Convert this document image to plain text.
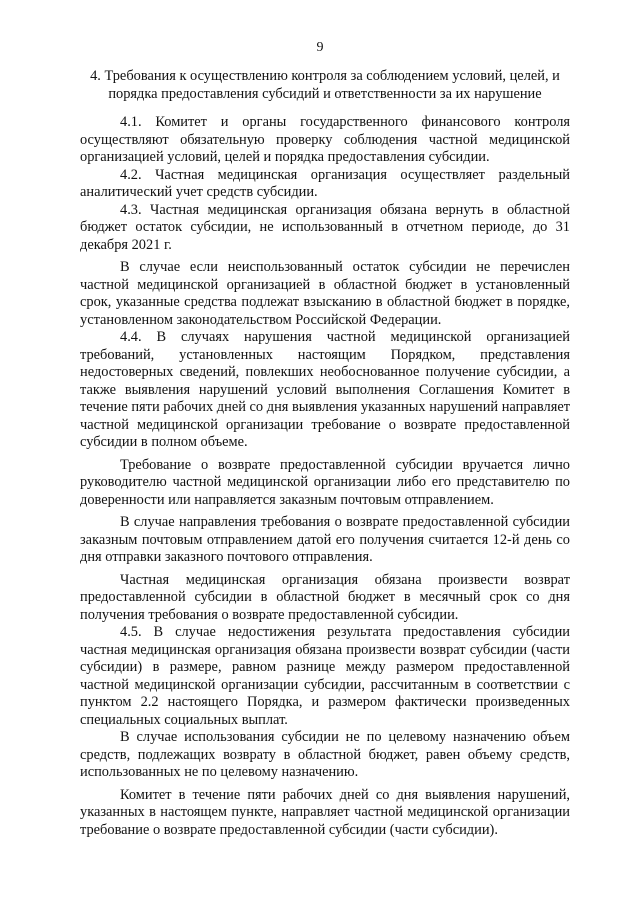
9

4. Требования к осуществлению контроля за соблюдением условий, целей, и порядка предоставления субсидий и ответственности за их нарушение

4.1. Комитет и органы государственного финансового контроля осуществляют обязательную проверку соблюдения частной медицинской организацией условий, целей и порядка предоставления субсидии.

4.2. Частная медицинская организация осуществляет раздельный аналитический учет средств субсидии.

4.3. Частная медицинская организация обязана вернуть в областной бюджет остаток субсидии, не использованный в отчетном периоде, до 31 декабря 2021 г.

В случае если неиспользованный остаток субсидии не перечислен частной медицинской организацией в областной бюджет в установленный срок, указанные средства подлежат взысканию в областной бюджет в порядке, установленном законодательством Российской Федерации.

4.4. В случаях нарушения частной медицинской организацией требований, установленных настоящим Порядком, представления недостоверных сведений, повлекших необоснованное получение субсидии, а также выявления нарушений условий выполнения Соглашения Комитет в течение пяти рабочих дней со дня выявления указанных нарушений направляет частной медицинской организации требование о возврате предоставленной субсидии в полном объеме.

Требование о возврате предоставленной субсидии вручается лично руководителю частной медицинской организации либо его представителю по доверенности или направляется заказным почтовым отправлением.

В случае направления требования о возврате предоставленной субсидии заказным почтовым отправлением датой его получения считается 12-й день со дня отправки заказного почтового отправления.

Частная медицинская организация обязана произвести возврат предоставленной субсидии в областной бюджет в месячный срок со дня получения требования о возврате предоставленной субсидии.

4.5. В случае недостижения результата предоставления субсидии частная медицинская организация обязана произвести возврат субсидии (части субсидии) в размере, равном разнице между размером предоставленной частной медицинской организации субсидии, рассчитанным в соответствии с пунктом 2.2 настоящего Порядка, и размером фактически произведенных специальных социальных выплат.

В случае использования субсидии не по целевому назначению объем средств, подлежащих возврату в областной бюджет, равен объему средств, использованных не по целевому назначению.

Комитет в течение пяти рабочих дней со дня выявления нарушений, указанных в настоящем пункте, направляет частной медицинской организации требование о возврате предоставленной субсидии (части субсидии).
